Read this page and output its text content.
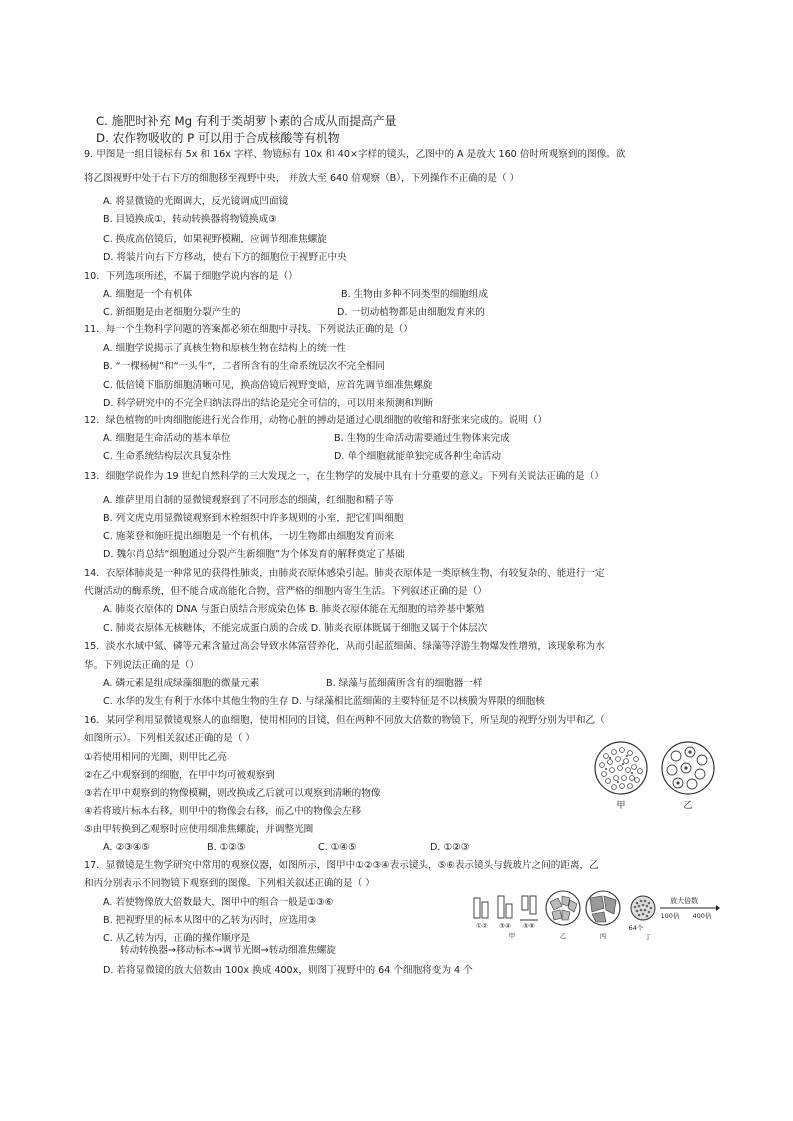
C. 施肥时补充 Mg 有利于类胡萝卜素的合成从而提高产量
D. 农作物吸收的 P 可以用于合成核酸等有机物
9. 甲图是一组目镜标有 5x 和 16x 字样、物镜标有 10x 和 40×字样的镜头，乙图中的 A 是放大 160 倍时所观察到的图像。欲
将乙图视野中处于右下方的细胞移至视野中央， 并放大至 640 倍观察（B），下列操作不正确的是（ ）
A. 将显微镜的光圈调大，反光镜调成凹面镜
B. 目镜换成①，转动转换器将物镜换成③
C. 换成高倍镜后，如果视野模糊，应调节细准焦螺旋
D. 将装片向右下方移动，使右下方的细胞位于视野正中央
10．下列选项所述，不属于细胞学说内容的是（）
A. 细胞是一个有机体	B. 生物由多种不同类型的细胞组成
C. 新细胞是由老细胞分裂产生的	D. 一切动植物都是由细胞发育来的
11．每一个生物科学问题的答案都必须在细胞中寻找。下列说法正确的是（）
A. 细胞学说揭示了真核生物和原核生物在结构上的统一性
B. “一棵杨树”和“一头牛”，二者所含有的生命系统层次不完全相同
C. 低倍镜下脂肪细胞清晰可见，换高倍镜后视野变暗，应首先调节细准焦螺旋
D. 科学研究中的不完全归纳法得出的结论是完全可信的，可以用来预测和判断
12．绿色植物的叶肉细胞能进行光合作用，动物心脏的搏动是通过心肌细胞的收缩和舒张来完成的。说明（）
A. 细胞是生命活动的基本单位	B. 生物的生命活动需要通过生物体来完成
C. 生命系统结构层次具复杂性	D. 单个细胞就能单独完成各种生命活动
13．细胞学说作为 19 世纪自然科学的三大发现之一，在生物学的发展中具有十分重要的意义。下列有关说法正确的是（）
A. 维萨里用自制的显微镜观察到了不同形态的细菌，红细胞和精子等
B. 列文虎克用显微镜观察到木栓组织中许多规则的小室，把它们叫细胞
C. 施莱登和施旺提出细胞是一个有机体，一切生物都由细胞发育而来
D. 魏尔肖总结“细胞通过分裂产生新细胞”为个体发育的解释奠定了基础
14．衣原体肺炎是一种常见的获得性肺炎，由肺炎衣原体感染引起。肺炎衣原体是一类原核生物，有较复杂的、能进行一定
代谢活动的酶系统，但不能合成高能化合物，营严格的细胞内寄生生活。下列叙述正确的是（）
A. 肺炎衣原体的 DNA 与蛋白质结合形成染色体 B. 肺炎衣原体能在无细胞的培养基中繁殖
C. 肺炎衣原体无核糖体，不能完成蛋白质的合成 D. 肺炎衣原体既属于细胞又属于个体层次
15．淡水水域中氮、磷等元素含量过高会导致水体富营养化，从而引起蓝细菌、绿藻等浮游生物爆发性增殖，该现象称为水
华。下列说法正确的是（）
A. 磷元素是组成绿藻细胞的微量元素	B. 绿藻与蓝细菌所含有的细胞器一样
C. 水华的发生有利于水体中其他生物的生存 D. 与绿藻相比蓝细菌的主要特征是不以核膜为界限的细胞核
16．某同学利用显微镜观察人的血细胞，使用相同的目镜，但在两种不同放大倍数的物镜下，所呈现的视野分别为甲和乙（
如图所示）。下列相关叙述正确的是（ ）
①若使用相同的光圈，则甲比乙亮
②在乙中观察到的细胞，在甲中均可被观察到
③若在甲中观察到的物像模糊，则改换成乙后就可以观察到清晰的物像
④若将玻片标本右移，则甲中的物像会右移，而乙中的物像会左移
⑤由甲转换到乙观察时应使用细准焦螺旋，并调整光圈
A. ②③④⑤	B. ①②⑤	C. ①④⑤	D. ①②③
17．显微镜是生物学研究中常用的观察仪器，如图所示，图甲中①②③④表示镜头，⑤⑥表示镜头与载玻片之间的距离，乙
和丙分别表示不同物镜下观察到的图像。下列相关叙述正确的是（ ）
A. 若使物像放大倍数最大，图甲中的组合一般是①③⑥
B. 把视野里的标本从图中的乙转为丙时，应选用③
C. 从乙转为丙，正确的操作顺序是
转动转换器→移动标本→调节光圈→转动细准焦螺旋
D. 若将显微镜的放大倍数由 100x 换成 400x，则图丁视野中的 64 个细胞将变为 4 个
甲	乙
①② ③④ ⑤⑥
甲	乙	丙
64个
丁
放大倍数
100倍 400倍
